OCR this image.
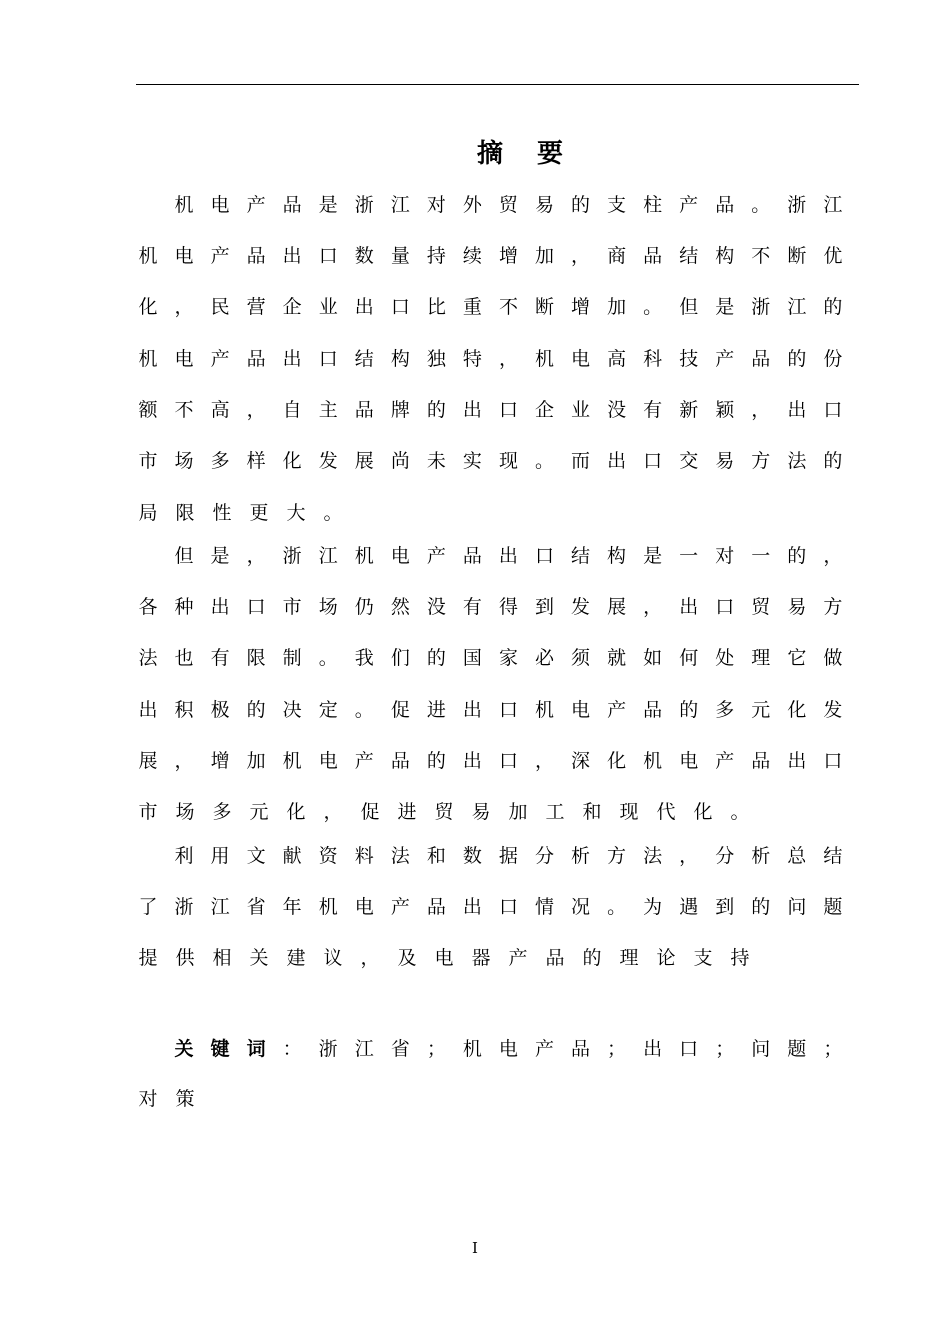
摘 要
机 电 产 品 是 浙 江 对 外 贸 易 的 支 柱 产 品 。 浙 江
机 电 产 品 出 口 数 量 持 续 增 加 ， 商 品 结 构 不 断 优
化 ， 民 营 企 业 出 口 比 重 不 断 增 加 。 但 是 浙 江 的
机 电 产 品 出 口 结 构 独 特 ， 机 电 高 科 技 产 品 的 份
额 不 高 ， 自 主 品 牌 的 出 口 企 业 没 有 新 颖 ， 出 口
市 场 多 样 化 发 展 尚 未 实 现 。 而 出 口 交 易 方 法 的
局 限 性 更 大 。
但 是 ， 浙 江 机 电 产 品 出 口 结 构 是 一 对 一 的 ，
各 种 出 口 市 场 仍 然 没 有 得 到 发 展 ， 出 口 贸 易 方
法 也 有 限 制 。 我 们 的 国 家 必 须 就 如 何 处 理 它 做
出 积 极 的 决 定 。 促 进 出 口 机 电 产 品 的 多 元 化 发
展 ， 增 加 机 电 产 品 的 出 口 ， 深 化 机 电 产 品 出 口
市 场 多 元 化 ， 促 进 贸 易 加 工 和 现 代 化 。
利 用 文 献 资 料 法 和 数 据 分 析 方 法 ， 分 析 总 结
了 浙 江 省 年 机 电 产 品 出 口 情 况 。 为 遇 到 的 问 题
提 供 相 关 建 议 ， 及 电 器 产 品 的 理 论 支 持
关 键 词 ： 浙 江 省 ； 机 电 产 品 ； 出 口 ； 问 题 ；
对 策
I
